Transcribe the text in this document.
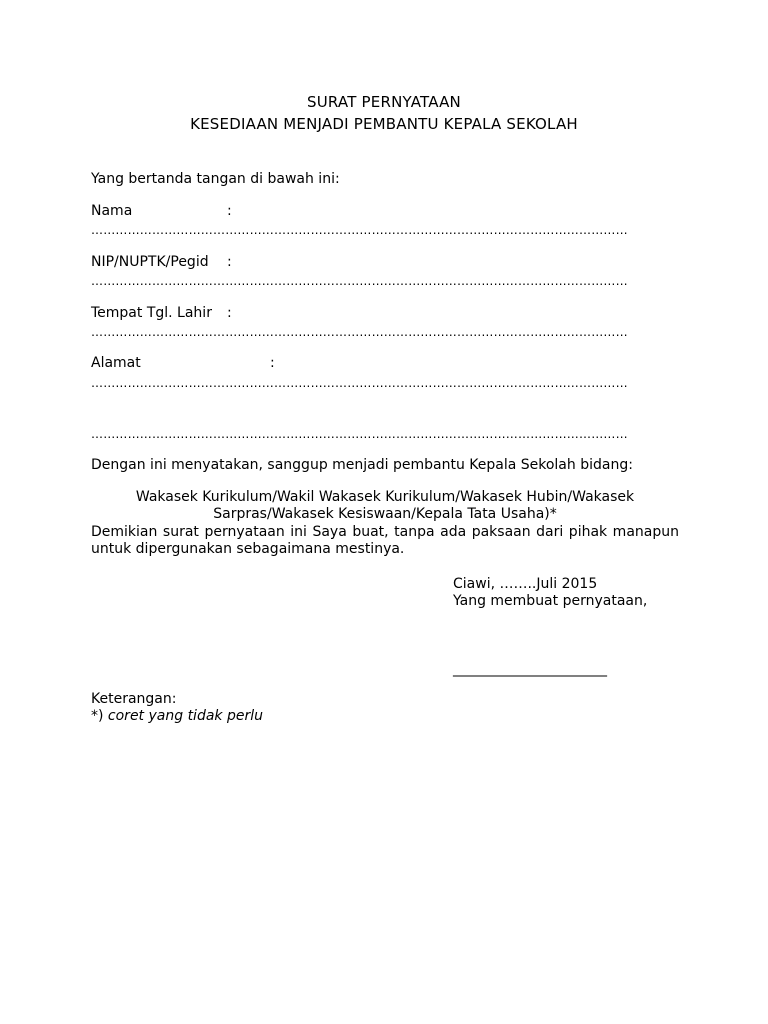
SURAT PERNYATAAN
KESEDIAAN MENJADI PEMBANTU KEPALA SEKOLAH
Yang bertanda tangan di bawah ini:
Nama	:
……………………………………………………………………………………………………………………
NIP/NUPTK/Pegid :
……………………………………………………………………………………………………………………
Tempat Tgl. Lahir :
……………………………………………………………………………………………………………………
Alamat	:
……………………………………………………………………………………………………………………
……………………………………………………………………………………………………………………
Dengan ini menyatakan, sanggup menjadi pembantu Kepala Sekolah bidang:
Wakasek Kurikulum/Wakil Wakasek Kurikulum/Wakasek Hubin/Wakasek
Sarpras/Wakasek Kesiswaan/Kepala Tata Usaha)*
Demikian surat pernyataan ini Saya buat, tanpa ada paksaan dari pihak manapun untuk dipergunakan sebagaimana mestinya.
Ciawi, ……..Juli 2015
Yang membuat pernyataan,
______________________
Keterangan:
*) coret yang tidak perlu
